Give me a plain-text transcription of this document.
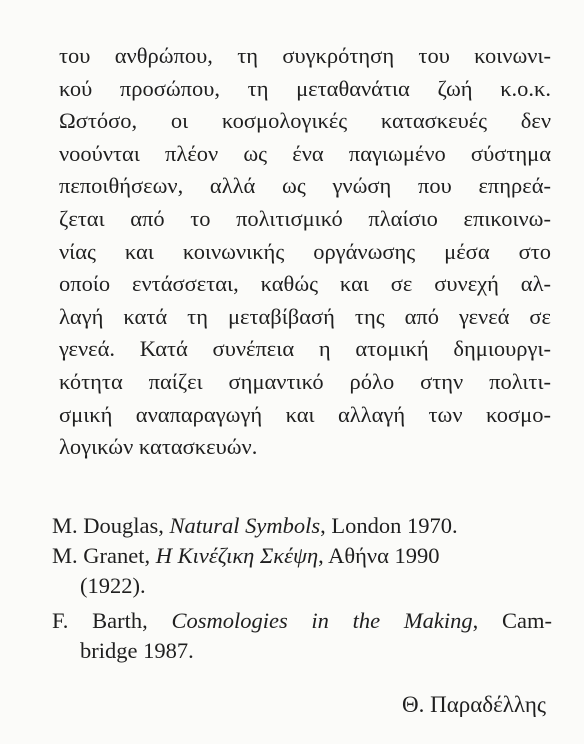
του ανθρώπου, τη συγκρότηση του κοινωνι-
κού προσώπου, τη μεταθανάτια ζωή κ.ο.κ.
Ωστόσο, οι κοσμολογικές κατασκευές δεν
νοούνται πλέον ως ένα παγιωμένο σύστημα
πεποιθήσεων, αλλά ως γνώση που επηρεά-
ζεται από το πολιτισμικό πλαίσιο επικοινω-
νίας και κοινωνικής οργάνωσης μέσα στο
οποίο εντάσσεται, καθώς και σε συνεχή αλ-
λαγή κατά τη μεταβίβασή της από γενεά σε
γενεά. Κατά συνέπεια η ατομική δημιουργι-
κότητα παίζει σημαντικό ρόλο στην πολιτι-
σμική αναπαραγωγή και αλλαγή των κοσμο-
λογικών κατασκευών.
M. Douglas, Natural Symbols, London 1970.
M. Granet, Η Κινέζικη Σκέψη, Αθήνα 1990
(1922).
F. Barth, Cosmologies in the Making, Cam-
bridge 1987.
Θ. Παραδέλλης
